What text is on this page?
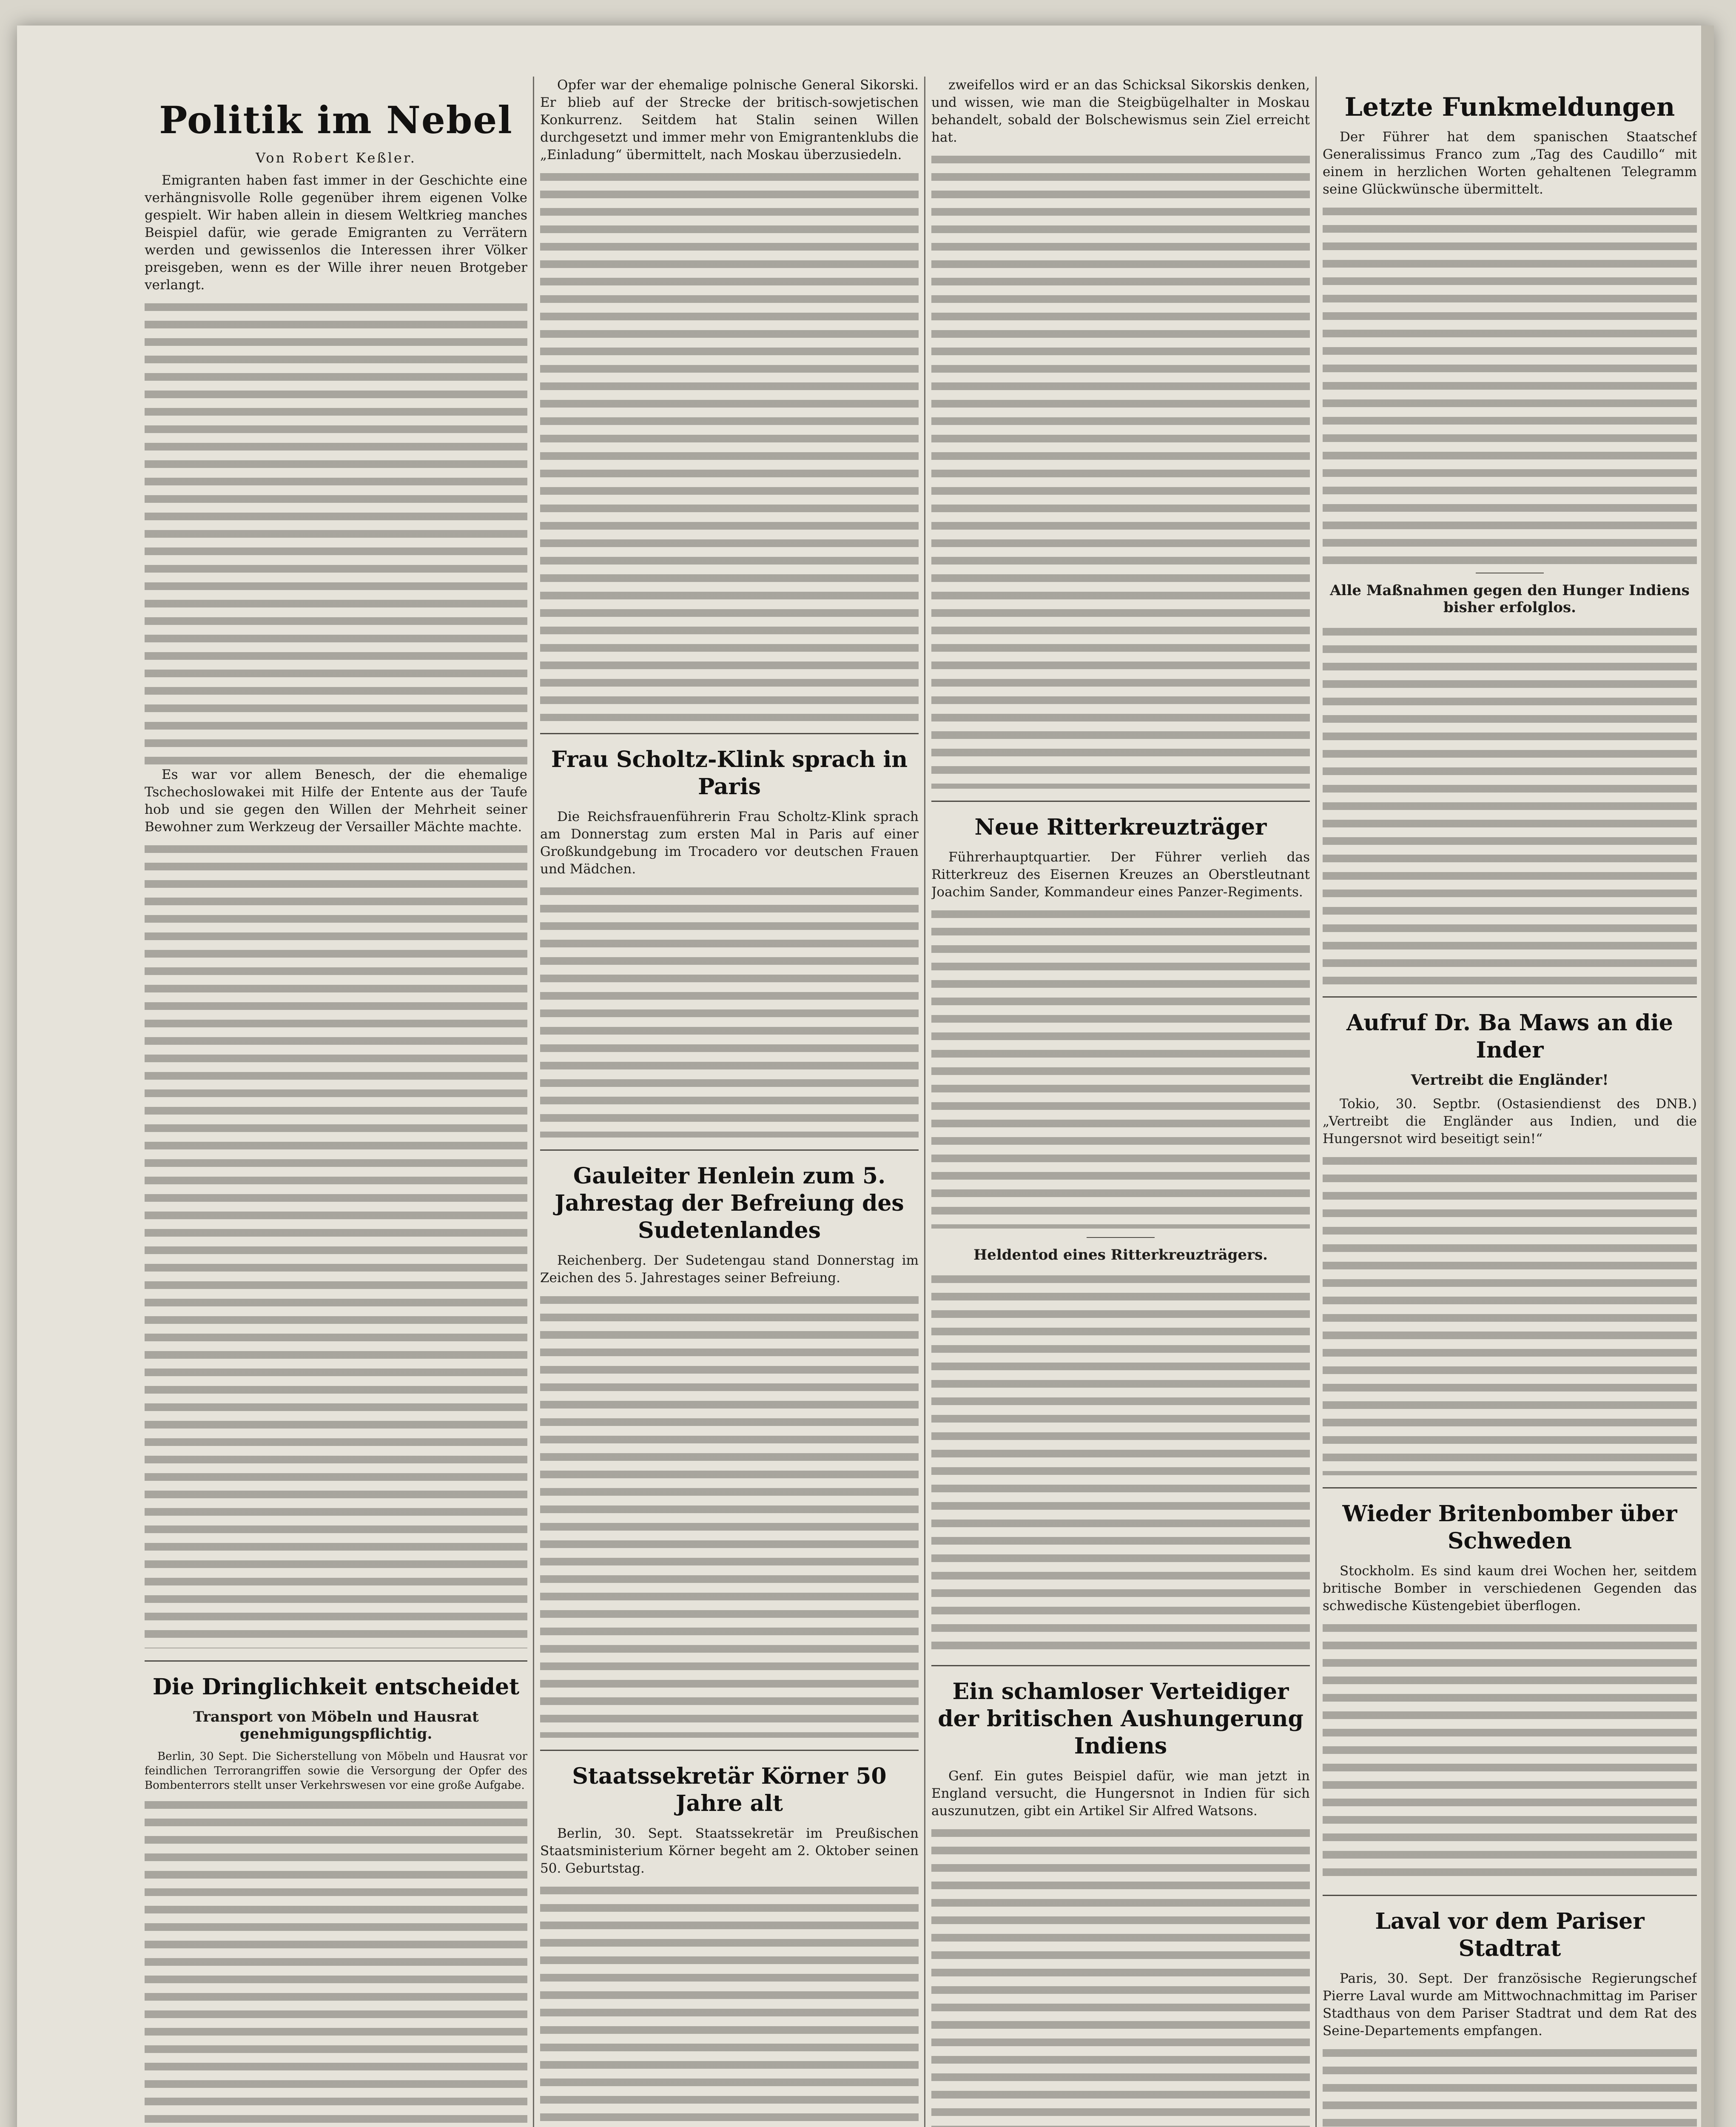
Politik im Nebel
Von Robert Keßler.

Emigranten haben fast immer in der Geschichte eine verhängnisvolle Rolle gegenüber ihrem eigenen Volke gespielt. Wir haben allein in diesem Weltkrieg manches Beispiel dafür, wie gerade Emigranten zu Verrätern werden und gewissenlos die Interessen ihrer Völker preisgeben, wenn es der Wille ihrer neuen Brotgeber verlangt.

Es war vor allem Benesch, der die ehemalige Tschechoslowakei mit Hilfe der Entente aus der Taufe hob und sie gegen den Willen der Mehrheit seiner Bewohner zum Werkzeug der Versailler Mächte machte.

Die Dringlichkeit entscheidet
Transport von Möbeln und Hausrat genehmigungspflichtig.

Berlin, 30 Sept. Die Sicherstellung von Möbeln und Hausrat vor feindlichen Terrorangriffen sowie die Versorgung der Opfer des Bombenterrors stellt unser Verkehrswesen vor eine große Aufgabe.

Opfer war der ehemalige polnische General Sikorski. Er blieb auf der Strecke der britisch-sowjetischen Konkurrenz. Seitdem hat Stalin seinen Willen durchgesetzt und immer mehr von Emigrantenklubs die „Einladung“ übermittelt, nach Moskau überzusiedeln.

Frau Scholtz-Klink sprach in Paris

Die Reichsfrauenführerin Frau Scholtz-Klink sprach am Donnerstag zum ersten Mal in Paris auf einer Großkundgebung im Trocadero vor deutschen Frauen und Mädchen.

Gauleiter Henlein zum 5. Jahrestag der Befreiung des Sudetenlandes

Reichenberg. Der Sudetengau stand Donnerstag im Zeichen des 5. Jahrestages seiner Befreiung.

Staatssekretär Körner 50 Jahre alt

Berlin, 30. Sept. Staatssekretär im Preußischen Staatsministerium Körner begeht am 2. Oktober seinen 50. Geburtstag.

zweifellos wird er an das Schicksal Sikorskis denken, und wissen, wie man die Steigbügelhalter in Moskau behandelt, sobald der Bolschewismus sein Ziel erreicht hat.

Neue Ritterkreuzträger

Führerhauptquartier. Der Führer verlieh das Ritterkreuz des Eisernen Kreuzes an Oberstleutnant Joachim Sander, Kommandeur eines Panzer-Regiments.

Heldentod eines Ritterkreuzträgers.
Ein schamloser Verteidiger der britischen Aushungerung Indiens

Genf. Ein gutes Beispiel dafür, wie man jetzt in England versucht, die Hungersnot in Indien für sich auszunutzen, gibt ein Artikel Sir Alfred Watsons.

Letzte Funkmeldungen

Der Führer hat dem spanischen Staatschef Generalissimus Franco zum „Tag des Caudillo“ mit einem in herzlichen Worten gehaltenen Telegramm seine Glückwünsche übermittelt.

Alle Maßnahmen gegen den Hunger Indiens bisher erfolglos.
Aufruf Dr. Ba Maws an die Inder
Vertreibt die Engländer!

Tokio, 30. Septbr. (Ostasiendienst des DNB.) „Vertreibt die Engländer aus Indien, und die Hungersnot wird beseitigt sein!“

Wieder Britenbomber über Schweden

Stockholm. Es sind kaum drei Wochen her, seitdem britische Bomber in verschiedenen Gegenden das schwedische Küstengebiet überflogen.

Laval vor dem Pariser Stadtrat

Paris, 30. Sept. Der französische Regierungschef Pierre Laval wurde am Mittwochnachmittag im Pariser Stadthaus von dem Pariser Stadtrat und dem Rat des Seine-Departements empfangen.
